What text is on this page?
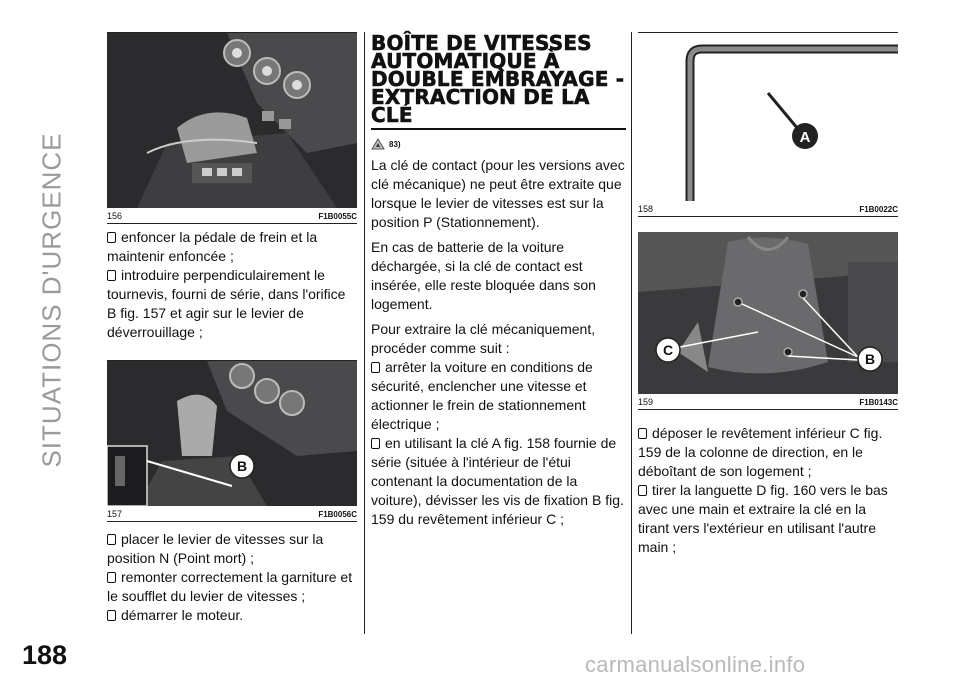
SITUATIONS D'URGENCE
188
156	F1B0055C

enfoncer la pédale de frein et la maintenir enfoncée ;

introduire perpendiculairement le tournevis, fourni de série, dans l'orifice B fig. 157 et agir sur le levier de déverrouillage ;

B
157	F1B0056C

placer le levier de vitesses sur la position N (Point mort) ;

remonter correctement la garniture et le soufflet du levier de vitesses ;

démarrer le moteur.

BOÎTE DE VITESSES AUTOMATIQUE À DOUBLE EMBRAYAGE - EXTRACTION DE LA CLÉ
83)

La clé de contact (pour les versions avec clé mécanique) ne peut être extraite que lorsque le levier de vitesses est sur la position P (Stationnement).

En cas de batterie de la voiture déchargée, si la clé de contact est insérée, elle reste bloquée dans son logement.

Pour extraire la clé mécaniquement, procéder comme suit :

arrêter la voiture en conditions de sécurité, enclencher une vitesse et actionner le frein de stationnement électrique ;

en utilisant la clé A fig. 158 fournie de série (située à l'intérieur de l'étui contenant la documentation de la voiture), dévisser les vis de fixation B fig. 159 du revêtement inférieur C ;

A
158	F1B0022C
C
B
159	F1B0143C

déposer le revêtement inférieur C fig. 159 de la colonne de direction, en le déboîtant de son logement ;

tirer la languette D fig. 160 vers le bas avec une main et extraire la clé en la tirant vers l'extérieur en utilisant l'autre main ;

carmanualsonline.info
